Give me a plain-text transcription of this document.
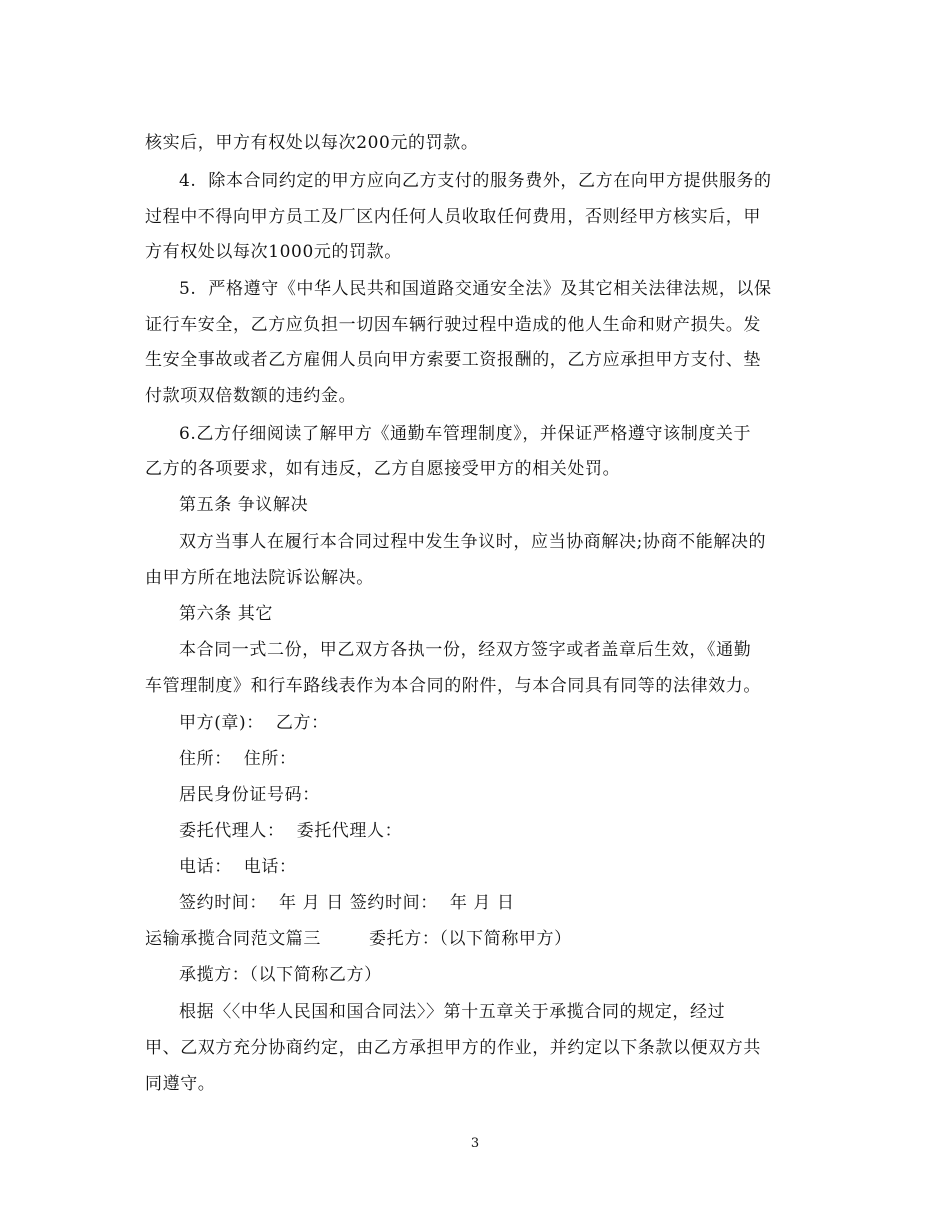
核实后，甲方有权处以每次200元的罚款。
4.  除本合同约定的甲方应向乙方支付的服务费外，乙方在向甲方提供服务的
过程中不得向甲方员工及厂区内任何人员收取任何费用，否则经甲方核实后，甲
方有权处以每次1000元的罚款。
5.  严格遵守《中华人民共和国道路交通安全法》及其它相关法律法规，以保
证行车安全，乙方应负担一切因车辆行驶过程中造成的他人生命和财产损失。发
生安全事故或者乙方雇佣人员向甲方索要工资报酬的，乙方应承担甲方支付、垫
付款项双倍数额的违约金。
6.乙方仔细阅读了解甲方《通勤车管理制度》，并保证严格遵守该制度关于
乙方的各项要求，如有违反，乙方自愿接受甲方的相关处罚。
第五条 争议解决
双方当事人在履行本合同过程中发生争议时，应当协商解决;协商不能解决的
由甲方所在地法院诉讼解决。
第六条 其它
本合同一式二份，甲乙双方各执一份，经双方签字或者盖章后生效，《通勤
车管理制度》和行车路线表作为本合同的附件，与本合同具有同等的法律效力。
甲方(章)：  乙方：
住所：  住所：
居民身份证号码：
委托代理人：  委托代理人：
电话：  电话：
签约时间：  年 月 日 签约时间：  年 月 日
运输承揽合同范文篇三        委托方：（以下简称甲方）
承揽方：（以下简称乙方）
根据〈〈中华人民国和国合同法〉〉第十五章关于承揽合同的规定，经过
甲、乙双方充分协商约定，由乙方承担甲方的作业，并约定以下条款以便双方共
同遵守。
3
